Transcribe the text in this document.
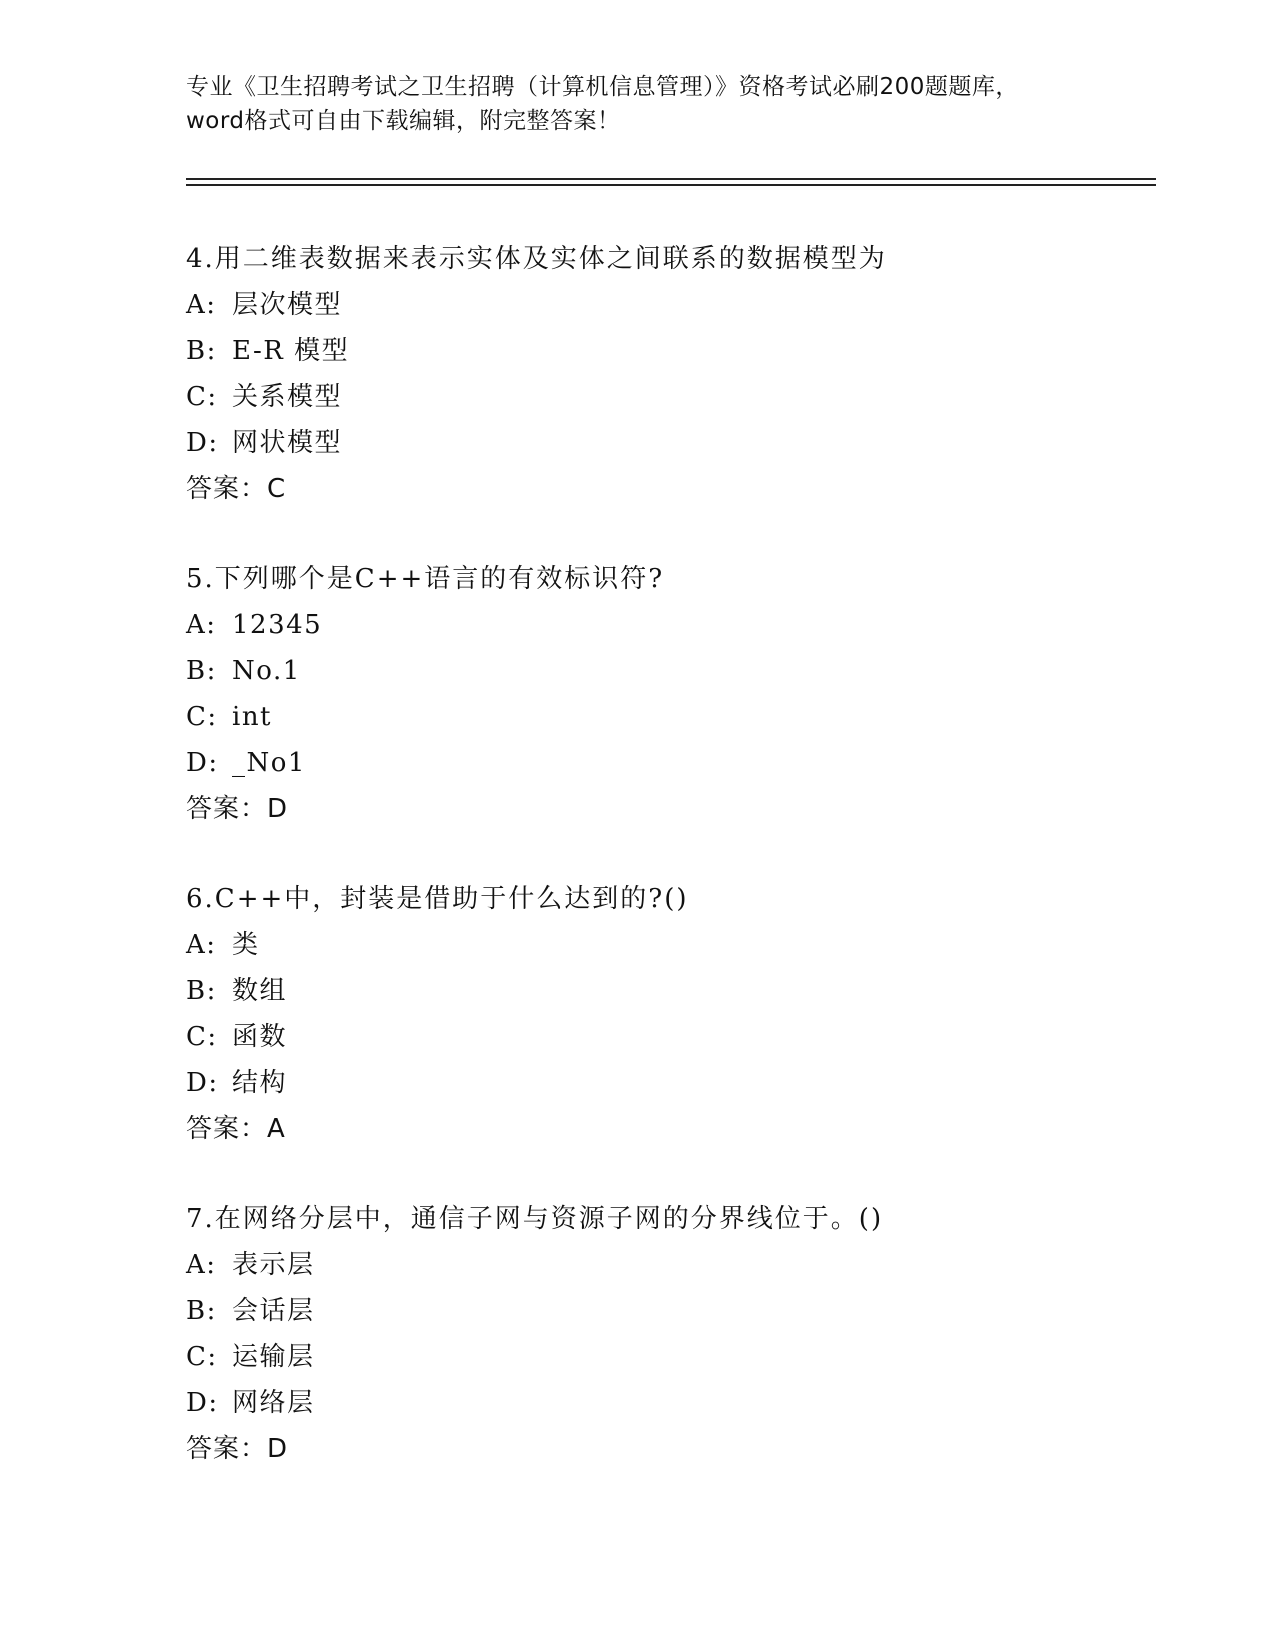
专业《卫生招聘考试之卫生招聘（计算机信息管理）》资格考试必刷200题题库，
word格式可自由下载编辑，附完整答案！
4.用二维表数据来表示实体及实体之间联系的数据模型为
A: 层次模型
B: E-R 模型
C: 关系模型
D: 网状模型
答案：C
5.下列哪个是C++语言的有效标识符?
A: 12345
B: No.1
C: int
D: _No1
答案：D
6.C++中，封装是借助于什么达到的?()
A: 类
B: 数组
C: 函数
D: 结构
答案：A
7.在网络分层中，通信子网与资源子网的分界线位于。()
A: 表示层
B: 会话层
C: 运输层
D: 网络层
答案：D
